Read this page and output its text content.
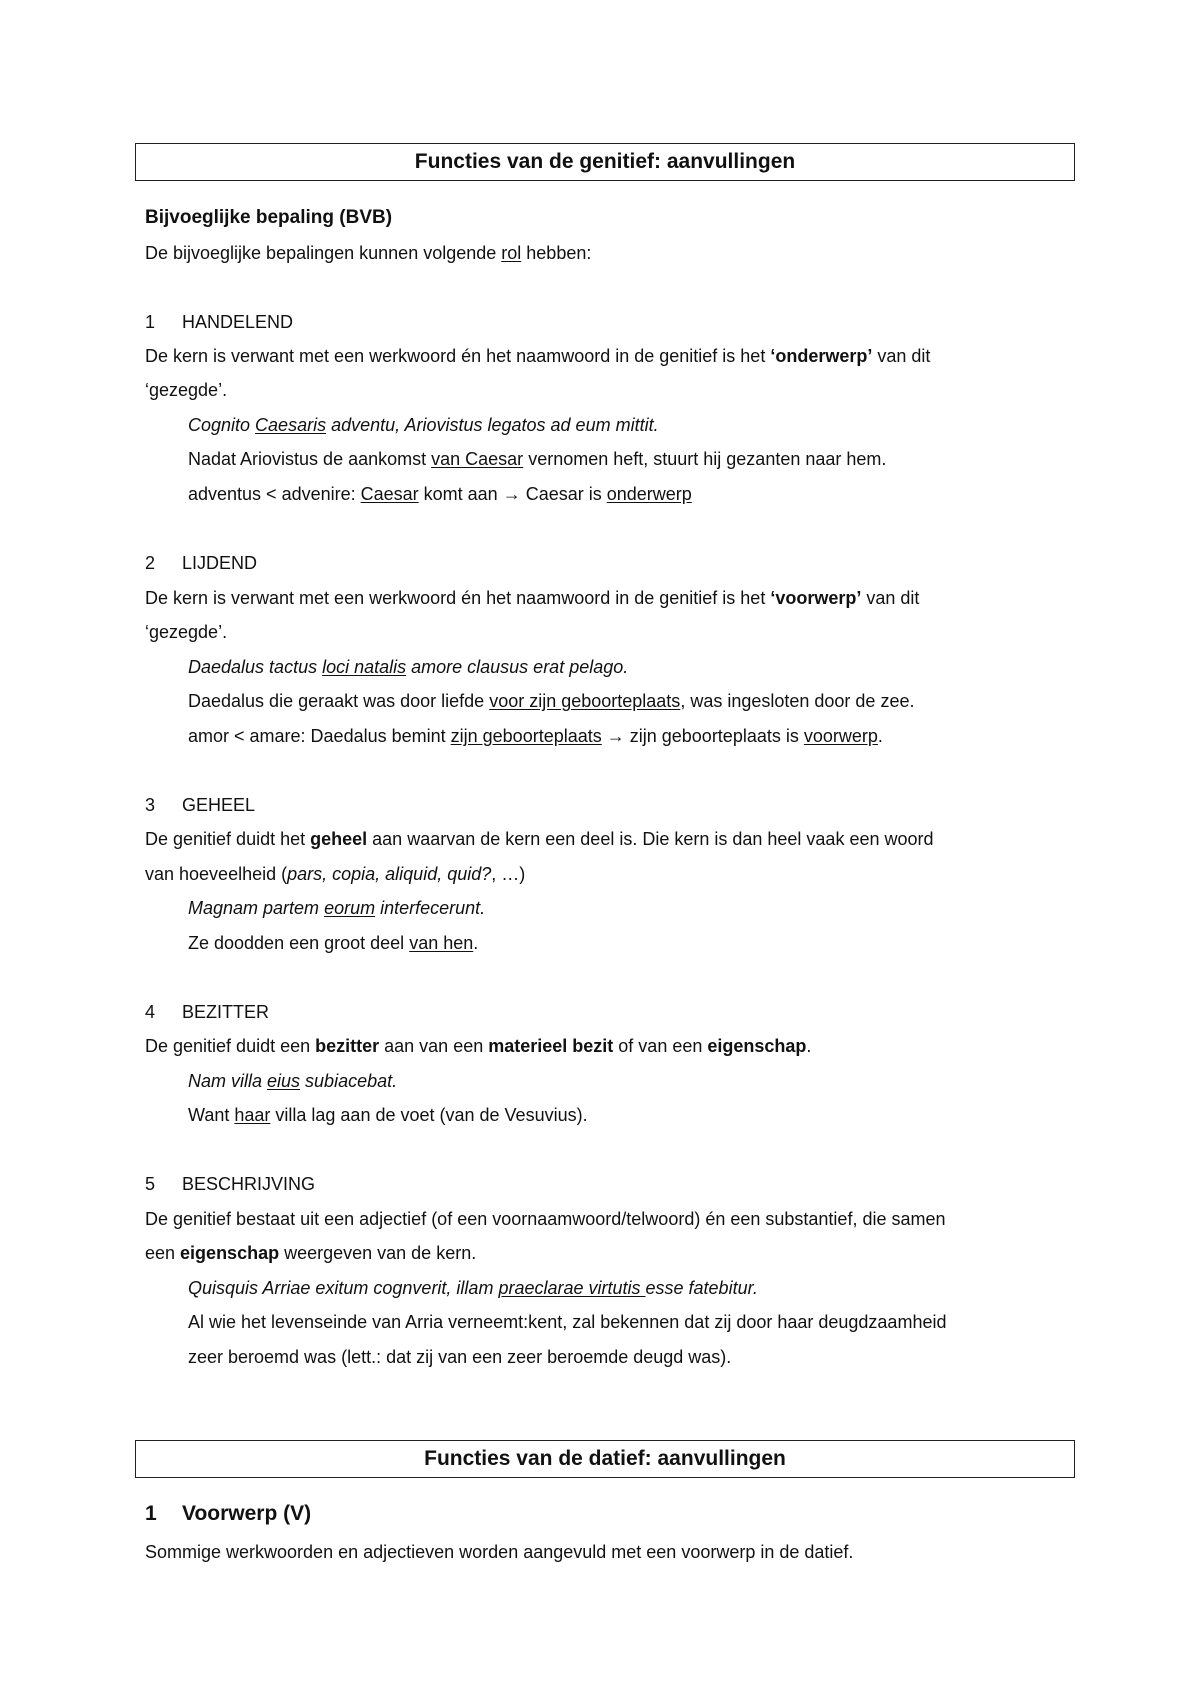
Functies van de genitief: aanvullingen
Bijvoeglijke bepaling (BVB)
De bijvoeglijke bepalingen kunnen volgende rol hebben:
1 HANDELEND
De kern is verwant met een werkwoord én het naamwoord in de genitief is het ‘onderwerp’ van dit
‘gezegde’.
Cognito Caesaris adventu, Ariovistus legatos ad eum mittit.
Nadat Ariovistus de aankomst van Caesar vernomen heft, stuurt hij gezanten naar hem.
adventus < advenire: Caesar komt aan → Caesar is onderwerp
2 LIJDEND
De kern is verwant met een werkwoord én het naamwoord in de genitief is het ‘voorwerp’ van dit
‘gezegde’.
Daedalus tactus loci natalis amore clausus erat pelago.
Daedalus die geraakt was door liefde voor zijn geboorteplaats, was ingesloten door de zee.
amor < amare: Daedalus bemint zijn geboorteplaats → zijn geboorteplaats is voorwerp.
3 GEHEEL
De genitief duidt het geheel aan waarvan de kern een deel is. Die kern is dan heel vaak een woord
van hoeveelheid (pars, copia, aliquid, quid?, …)
Magnam partem eorum interfecerunt.
Ze doodden een groot deel van hen.
4 BEZITTER
De genitief duidt een bezitter aan van een materieel bezit of van een eigenschap.
Nam villa eius subiacebat.
Want haar villa lag aan de voet (van de Vesuvius).
5 BESCHRIJVING
De genitief bestaat uit een adjectief (of een voornaamwoord/telwoord) én een substantief, die samen
een eigenschap weergeven van de kern.
Quisquis Arriae exitum cognverit, illam praeclarae virtutis esse fatebitur.
Al wie het levenseinde van Arria verneemt:kent, zal bekennen dat zij door haar deugdzaamheid
zeer beroemd was (lett.: dat zij van een zeer beroemde deugd was).
Functies van de datief: aanvullingen
1 Voorwerp (V)
Sommige werkwoorden en adjectieven worden aangevuld met een voorwerp in de datief.
